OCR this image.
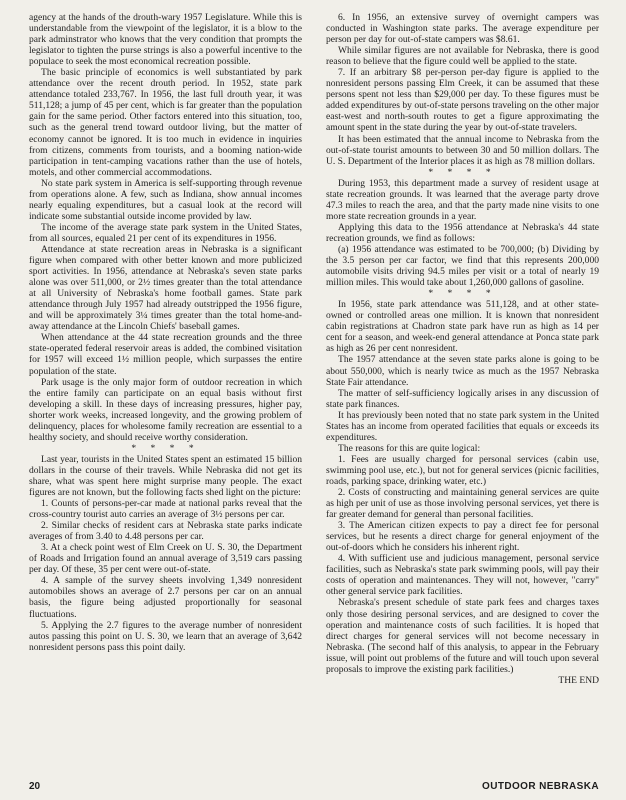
agency at the hands of the drouth-wary 1957 Legislature. While this is understandable from the viewpoint of the legislator, it is a blow to the park adminstrator who knows that the very condition that prompts the legislator to tighten the purse strings is also a powerful incentive to the populace to seek the most economical recreation possible.

The basic principle of economics is well substantiated by park attendance over the recent drouth period. In 1952, state park attendance totaled 233,767. In 1956, the last full drouth year, it was 511,128; a jump of 45 per cent, which is far greater than the population gain for the same period. Other factors entered into this situation, too, such as the general trend toward outdoor living, but the matter of economy cannot be ignored. It is too much in evidence in inquiries from citizens, comments from tourists, and a booming nation-wide participation in tent-camping vacations rather than the use of hotels, motels, and other commercial accommodations.

No state park system in America is self-supporting through revenue from operations alone. A few, such as Indiana, show annual incomes nearly equaling expenditures, but a casual look at the record will indicate some substantial outside income provided by law.

The income of the average state park system in the United States, from all sources, equaled 21 per cent of its expenditures in 1956.

Attendance at state recreation areas in Nebraska is a significant figure when compared with other better known and more publicized sport activities. In 1956, attendance at Nebraska's seven state parks alone was over 511,000, or 2½ times greater than the total attendance at all University of Nebraska's home football games. State park attendance through July 1957 had already outstripped the 1956 figure, and will be approximately 3¼ times greater than the total home-and-away attendance at the Lincoln Chiefs' baseball games.

When attendance at the 44 state recreation grounds and the three state-operated federal reservoir areas is added, the combined visitation for 1957 will exceed 1½ million people, which surpasses the entire population of the state.

Park usage is the only major form of outdoor recreation in which the entire family can participate on an equal basis without first developing a skill. In these days of increasing pressures, higher pay, shorter work weeks, increased longevity, and the growing problem of delinquency, places for wholesome family recreation are essential to a healthy society, and should receive worthy consideration.

* * * *

Last year, tourists in the United States spent an estimated 15 billion dollars in the course of their travels. While Nebraska did not get its share, what was spent here might surprise many people. The exact figures are not known, but the following facts shed light on the picture:

1. Counts of persons-per-car made at national parks reveal that the cross-country tourist auto carries an average of 3½ persons per car.

2. Similar checks of resident cars at Nebraska state parks indicate averages of from 3.40 to 4.48 persons per car.

3. At a check point west of Elm Creek on U. S. 30, the Department of Roads and Irrigation found an annual average of 3,519 cars passing per day. Of these, 35 per cent were out-of-state.

4. A sample of the survey sheets involving 1,349 nonresident automobiles shows an average of 2.7 persons per car on an annual basis, the figure being adjusted proportionally for seasonal fluctuations.

5. Applying the 2.7 figures to the average number of nonresident autos passing this point on U. S. 30, we learn that an average of 3,642 nonresident persons pass this point daily.

6. In 1956, an extensive survey of overnight campers was conducted in Washington state parks. The average expenditure per person per day for out-of-state campers was $8.61.

While similar figures are not available for Nebraska, there is good reason to believe that the figure could well be applied to the state.

7. If an arbitrary $8 per-person per-day figure is applied to the nonresident persons passing Elm Creek, it can be assumed that these persons spent not less than $29,000 per day. To these figures must be added expenditures by out-of-state persons traveling on the other major east-west and north-south routes to get a figure approximating the amount spent in the state during the year by out-of-state travelers.

It has been estimated that the annual income to Nebraska from the out-of-state tourist amounts to between 30 and 50 million dollars. The U. S. Department of the Interior places it as high as 78 million dollars.

* * * *

During 1953, this department made a survey of resident usage at state recreation grounds. It was learned that the average party drove 47.3 miles to reach the area, and that the party made nine visits to one more state recreation grounds in a year.

Applying this data to the 1956 attendance at Nebraska's 44 state recreation grounds, we find as follows:

(a) 1956 attendance was estimated to be 700,000; (b) Dividing by the 3.5 person per car factor, we find that this represents 200,000 automobile visits driving 94.5 miles per visit or a total of nearly 19 million miles. This would take about 1,260,000 gallons of gasoline.

* * * *

In 1956, state park attendance was 511,128, and at other state-owned or controlled areas one million. It is known that nonresident cabin registrations at Chadron state park have run as high as 14 per cent for a season, and week-end general attendance at Ponca state park as high as 26 per cent nonresident.

The 1957 attendance at the seven state parks alone is going to be about 550,000, which is nearly twice as much as the 1957 Nebraska State Fair attendance.

The matter of self-sufficiency logically arises in any discussion of state park finances.

It has previously been noted that no state park system in the United States has an income from operated facilities that equals or exceeds its expenditures.

The reasons for this are quite logical:

1. Fees are usually charged for personal services (cabin use, swimming pool use, etc.), but not for general services (picnic facilities, roads, parking space, drinking water, etc.)

2. Costs of constructing and maintaining general services are quite as high per unit of use as those involving personal services, yet there is far greater demand for general than personal facilities.

3. The American citizen expects to pay a direct fee for personal services, but he resents a direct charge for general enjoyment of the out-of-doors which he considers his inherent right.

4. With sufficient use and judicious management, personal service facilities, such as Nebraska's state park swimming pools, will pay their costs of operation and maintenances. They will not, however, "carry" other general service park facilities.

Nebraska's present schedule of state park fees and charges taxes only those desiring personal services, and are designed to cover the operation and maintenance costs of such facilities. It is hoped that direct charges for general services will not become necessary in Nebraska. (The second half of this analysis, to appear in the February issue, will point out problems of the future and will touch upon several proposals to improve the existing park facilities.)

THE END

20	OUTDOOR NEBRASKA
